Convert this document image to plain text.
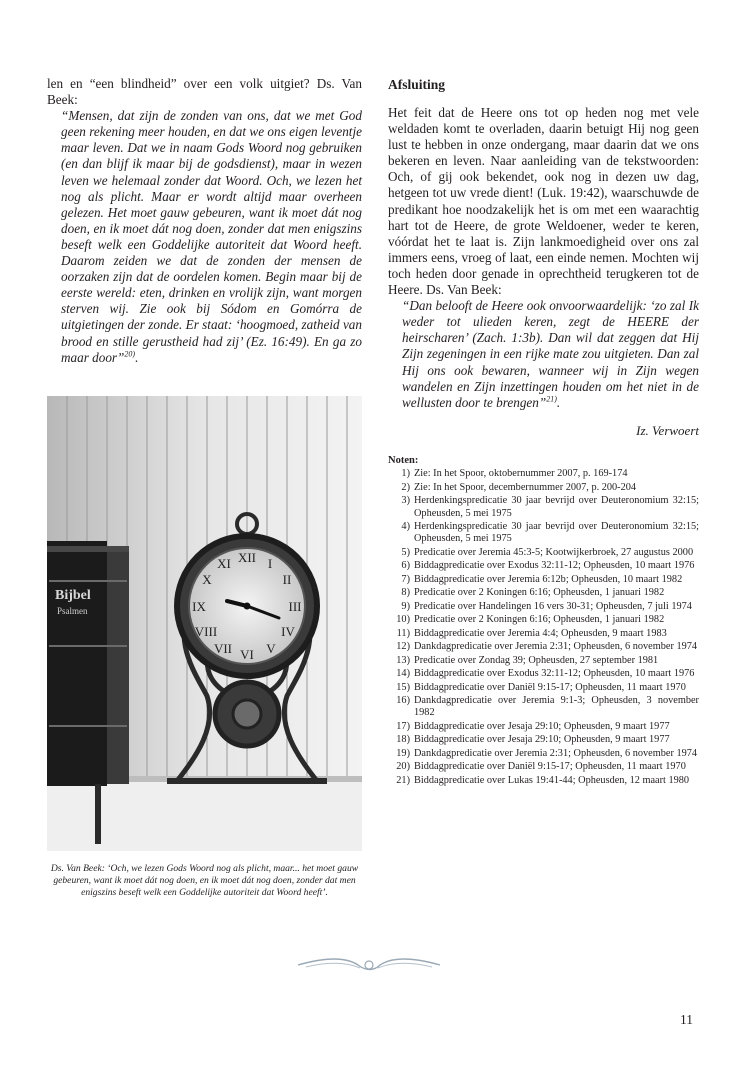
len en “een blindheid” over een volk uitgiet? Ds. Van Beek:

“Mensen, dat zijn de zonden van ons, dat we met God geen rekening meer houden, en dat we ons eigen leventje maar leven. Dat we in naam Gods Woord nog gebruiken (en dan blijf ik maar bij de godsdienst), maar in wezen leven we helemaal zonder dat Woord. Och, we lezen het nog als plicht. Maar er wordt altijd maar overheen gelezen. Het moet gauw gebeuren, want ik moet dát nog doen, en ik moet dát nog doen, zonder dat men enigszins beseft welk een Goddelijke autoriteit dat Woord heeft. Daarom zeiden we dat de zonden der mensen de oorzaken zijn dat de oordelen komen. Begin maar bij de eerste wereld: eten, drinken en vrolijk zijn, want morgen sterven wij. Zie ook bij Sódom en Gomórra de uitgietingen der zonde. Er staat: ‘hoogmoed, zatheid van brood en stille gerustheid had zij’ (Ez. 16:49). En ga zo maar door”$^{20)}$.

Bijbel
Psalmen
XII I
II
III
IV
V
VI
VII
VIII
IX
X
XI

Ds. Van Beek: ‘Och, we lezen Gods Woord nog als plicht, maar... het moet gauw gebeuren, want ik moet dát nog doen, en ik moet dát nog doen, zonder dat men enigszins beseft welk een Goddelijke autoriteit dat Woord heeft’.

Afsluiting

Het feit dat de Heere ons tot op heden nog met vele weldaden komt te overladen, daarin betuigt Hij nog geen lust te hebben in onze ondergang, maar daarin dat we ons bekeren en leven. Naar aanleiding van de tekstwoorden: Och, of gij ook bekendet, ook nog in dezen uw dag, hetgeen tot uw vrede dient! (Luk. 19:42), waarschuwde de predikant hoe noodzakelijk het is om met een waarachtig hart tot de Heere, de grote Weldoener, weder te keren, vóórdat het te laat is. Zijn lankmoedigheid over ons zal immers eens, vroeg of laat, een einde nemen. Mochten wij toch heden door genade in oprechtheid terugkeren tot de Heere. Ds. Van Beek:

“Dan belooft de Heere ook onvoorwaardelijk: ‘zo zal Ik weder tot ulieden keren, zegt de HEERE der heirscharen’ (Zach. 1:3b). Dan wil dat zeggen dat Hij Zijn zegeningen in een rijke mate zou uitgieten. Dan zal Hij ons ook bewaren, wanneer wij in Zijn wegen wandelen en Zijn inzettingen houden om het niet in de wellusten door te brengen”$^{21)}$.

Iz. Verwoert

Noten:
1) Zie: In het Spoor, oktobernummer 2007, p. 169-174
2) Zie: In het Spoor, decembernummer 2007, p. 200-204
3) Herdenkingspredicatie 30 jaar bevrijd over Deuteronomium 32:15; Opheusden, 5 mei 1975
4) Herdenkingspredicatie 30 jaar bevrijd over Deuteronomium 32:15; Opheusden, 5 mei 1975
5) Predicatie over Jeremia 45:3-5; Kootwijkerbroek, 27 augustus 2000
6) Biddagpredicatie over Exodus 32:11-12; Opheusden, 10 maart 1976
7) Biddagpredicatie over Jeremia 6:12b; Opheusden, 10 maart 1982
8) Predicatie over 2 Koningen 6:16; Opheusden, 1 januari 1982
9) Predicatie over Handelingen 16 vers 30-31; Opheusden, 7 juli 1974
10) Predicatie over 2 Koningen 6:16; Opheusden, 1 januari 1982
11) Biddagpredicatie over Jeremia 4:4; Opheusden, 9 maart 1983
12) Dankdagpredicatie over Jeremia 2:31; Opheusden, 6 november 1974
13) Predicatie over Zondag 39; Opheusden, 27 september 1981
14) Biddagpredicatie over Exodus 32:11-12; Opheusden, 10 maart 1976
15) Biddagpredicatie over Daniël 9:15-17; Opheusden, 11 maart 1970
16) Dankdagpredicatie over Jeremia 9:1-3; Opheusden, 3 november 1982
17) Biddagpredicatie over Jesaja 29:10; Opheusden, 9 maart 1977
18) Biddagpredicatie over Jesaja 29:10; Opheusden, 9 maart 1977
19) Dankdagpredicatie over Jeremia 2:31; Opheusden, 6 november 1974
20) Biddagpredicatie over Daniël 9:15-17; Opheusden, 11 maart 1970
21) Biddagpredicatie over Lukas 19:41-44; Opheusden, 12 maart 1980
11
